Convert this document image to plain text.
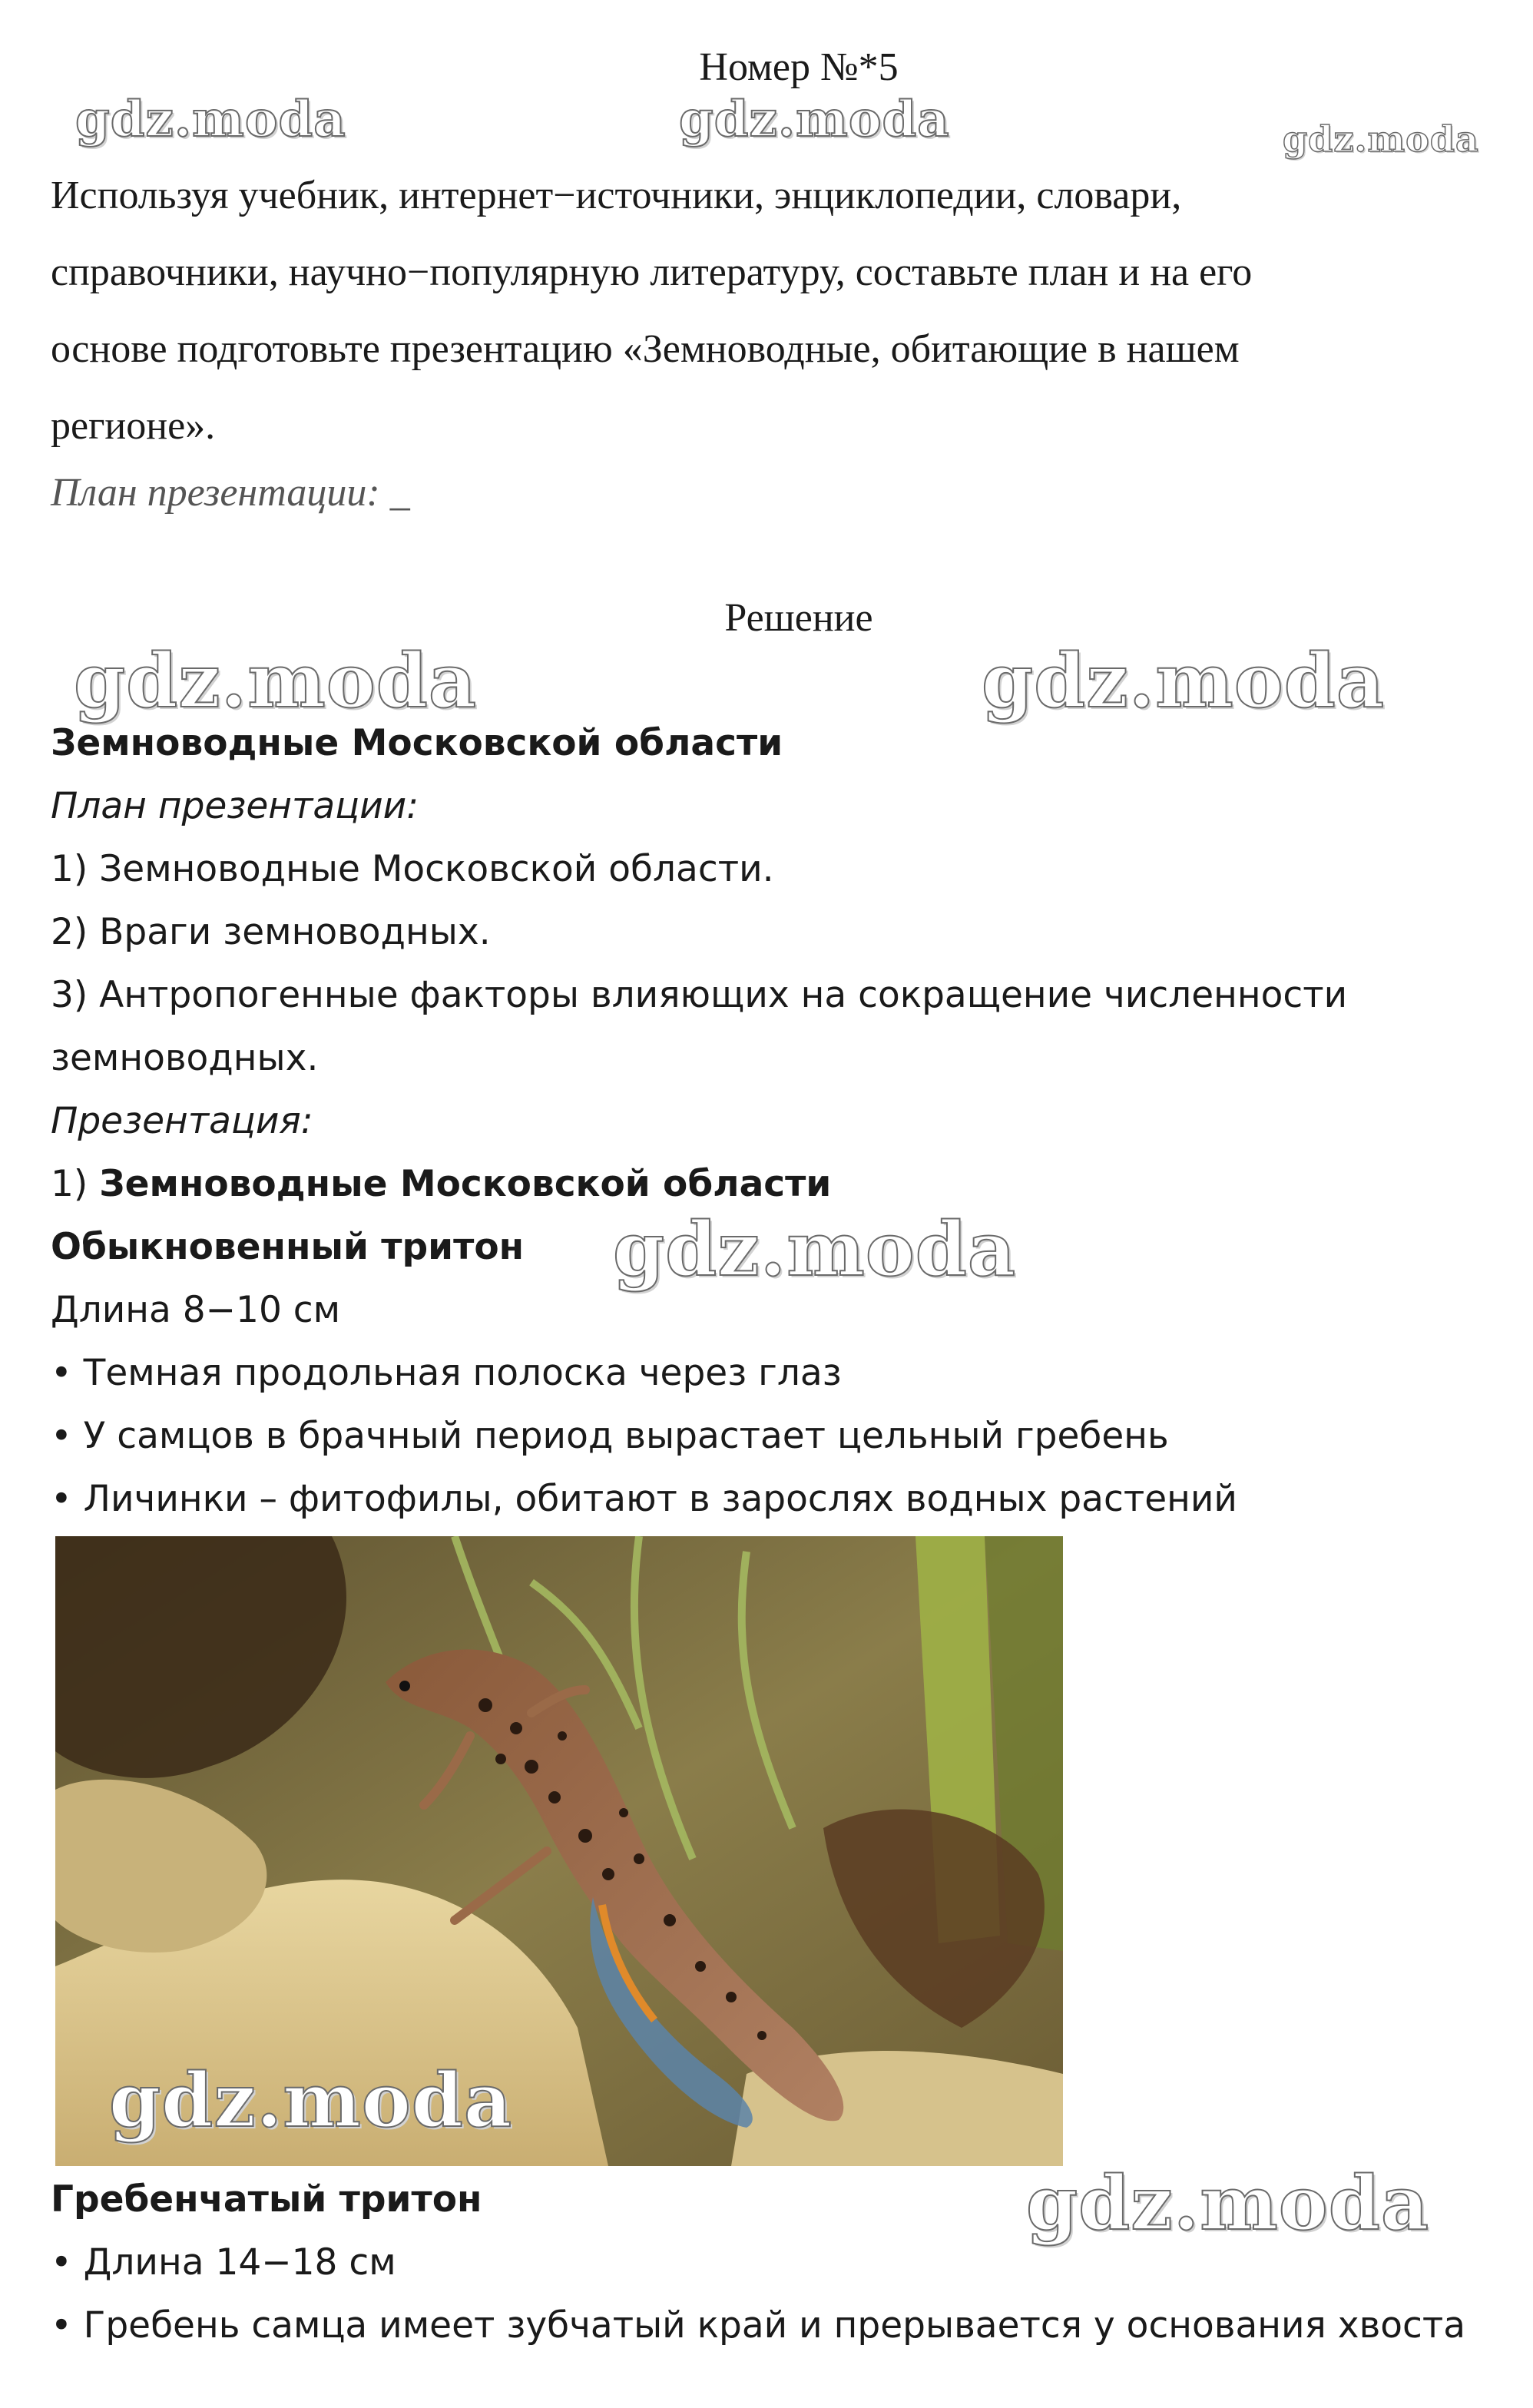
Номер №*5
Используя учебник, интернет−источники, энциклопедии, словари,
справочники, научно−популярную литературу, составьте план и на его
основе подготовьте презентацию «Земноводные, обитающие в нашем
регионе».
План презентации: _
Решение
Земноводные Московской области
План презентации:
1) Земноводные Московской области.
2) Враги земноводных.
3) Антропогенные факторы влияющих на сокращение численности
земноводных.
Презентация:
1) Земноводные Московской области
Обыкновенный тритон
Длина 8−10 см
• Темная продольная полоска через глаз
• У самцов в брачный период вырастает цельный гребень
• Личинки – фитофилы, обитают в зарослях водных растений
Гребенчатый тритон
• Длина 14−18 см
• Гребень самца имеет зубчатый край и прерывается у основания хвоста
gdz.moda	gdz.moda	gdz.moda
gdz.moda	gdz.moda
gdz.moda
gdz.moda
gdz.moda
